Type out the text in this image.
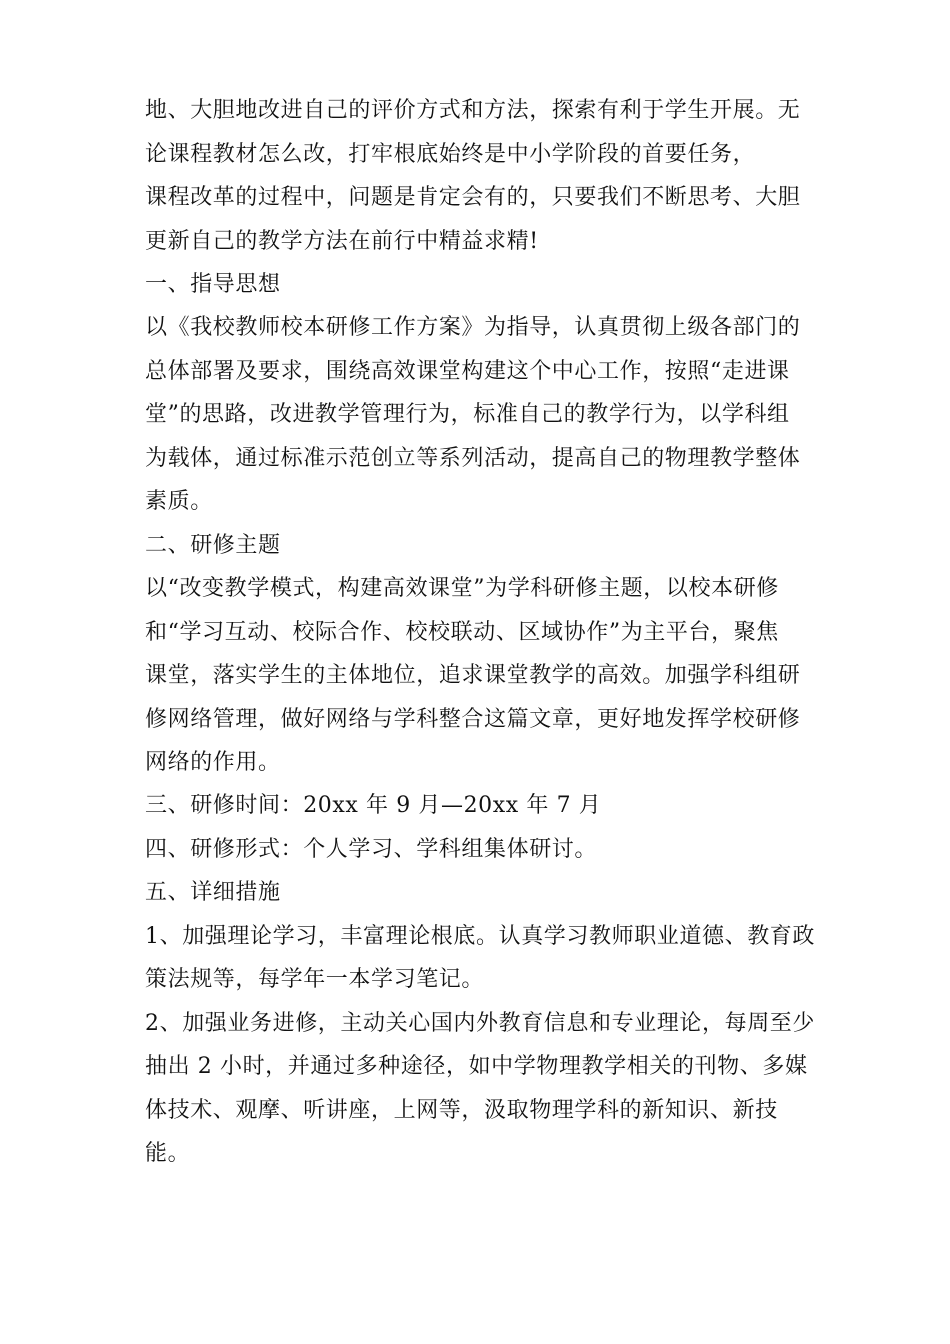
地、大胆地改进自己的评价方式和方法，探索有利于学生开展。无
论课程教材怎么改，打牢根底始终是中小学阶段的首要任务，
课程改革的过程中，问题是肯定会有的，只要我们不断思考、大胆
更新自己的教学方法在前行中精益求精!
一、指导思想
以《我校教师校本研修工作方案》为指导，认真贯彻上级各部门的
总体部署及要求，围绕高效课堂构建这个中心工作，按照“走进课
堂”的思路，改进教学管理行为，标准自己的教学行为，以学科组
为载体，通过标准示范创立等系列活动，提高自己的物理教学整体
素质。
二、研修主题
以“改变教学模式，构建高效课堂”为学科研修主题，以校本研修
和“学习互动、校际合作、校校联动、区域协作”为主平台，聚焦
课堂，落实学生的主体地位，追求课堂教学的高效。加强学科组研
修网络管理，做好网络与学科整合这篇文章，更好地发挥学校研修
网络的作用。
三、研修时间：20xx 年 9 月—20xx 年 7 月
四、研修形式：个人学习、学科组集体研讨。
五、详细措施
1、加强理论学习，丰富理论根底。认真学习教师职业道德、教育政
策法规等，每学年一本学习笔记。
2、加强业务进修，主动关心国内外教育信息和专业理论，每周至少
抽出 2 小时，并通过多种途径，如中学物理教学相关的刊物、多媒
体技术、观摩、听讲座，上网等，汲取物理学科的新知识、新技
能。
